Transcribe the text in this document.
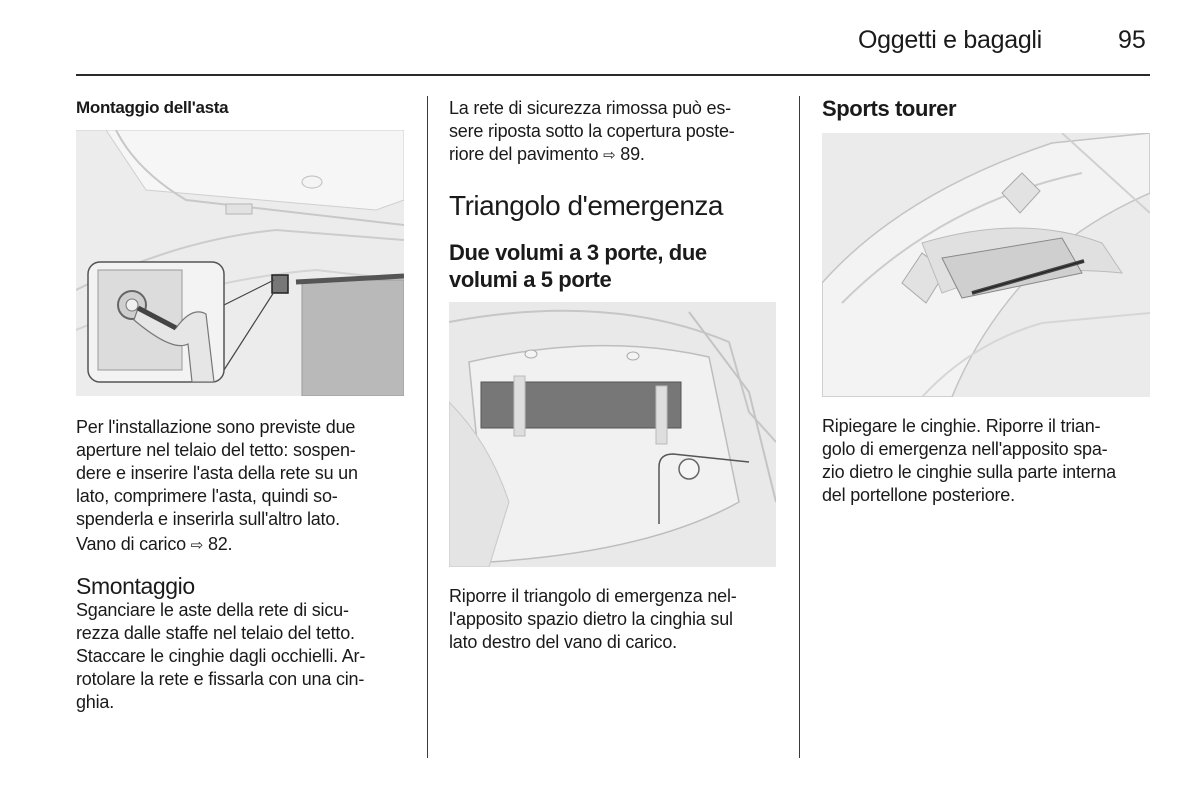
Oggetti e bagagli	95
Montaggio dell'asta
Per l'installazione sono previste due
aperture nel telaio del tetto: sospen-
dere e inserire l'asta della rete su un
lato, comprimere l'asta, quindi so-
spenderla e inserirla sull'altro lato.
Vano di carico ⇨ 82.
Smontaggio
Sganciare le aste della rete di sicu-
rezza dalle staffe nel telaio del tetto.
Staccare le cinghie dagli occhielli. Ar-
rotolare la rete e fissarla con una cin-
ghia.
La rete di sicurezza rimossa può es-
sere riposta sotto la copertura poste-
riore del pavimento ⇨ 89.
Triangolo d'emergenza
Due volumi a 3 porte, due
volumi a 5 porte
Riporre il triangolo di emergenza nel-
l'apposito spazio dietro la cinghia sul
lato destro del vano di carico.
Sports tourer
Ripiegare le cinghie. Riporre il trian-
golo di emergenza nell'apposito spa-
zio dietro le cinghie sulla parte interna
del portellone posteriore.
